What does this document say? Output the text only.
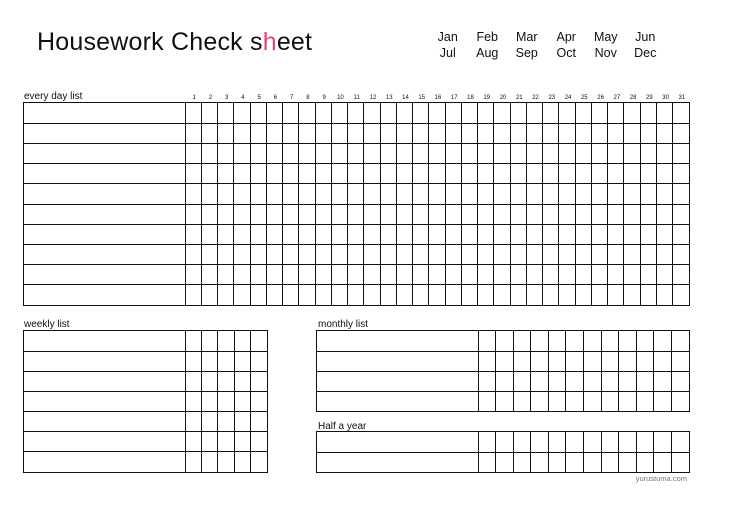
Housework Check sheet	Jan	Feb	Mar	Apr	May	Jun
Jul	Aug	Sep	Oct	Nov	Dec
every day list	1 2 3 4 5 6 7 8 9 10 11 12 13 14 15 16 17 18 19 20 21 22 23 24 25 26 27 28 29 30 31
weekly list	monthly list
Half a year
yurustuma.com
